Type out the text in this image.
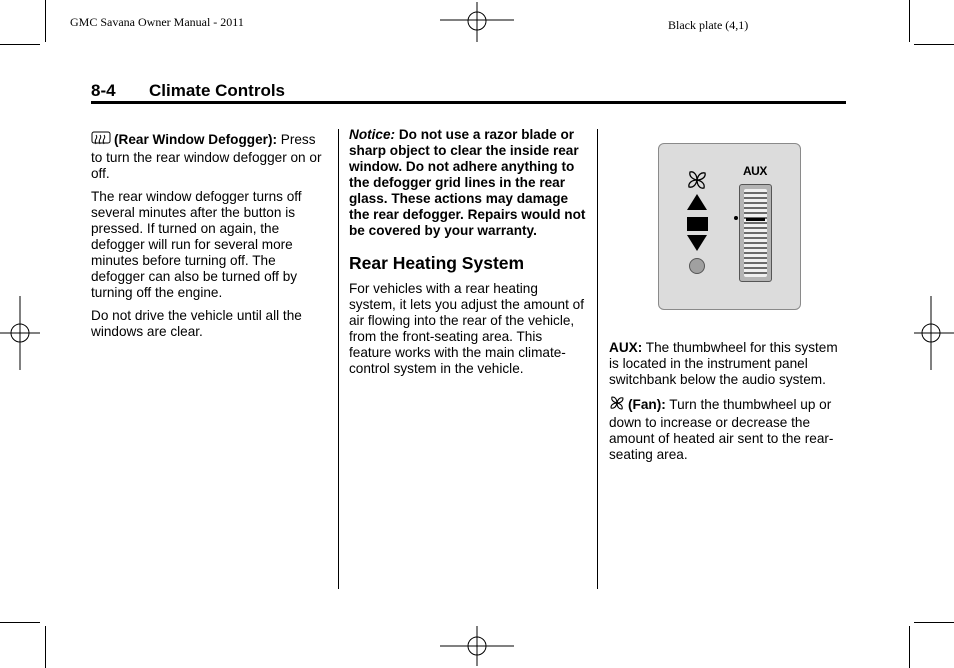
GMC Savana Owner Manual - 2011	Black plate (4,1)
8-4 Climate Controls

(Rear Window Defogger): Press to turn the rear window defogger on or off.

The rear window defogger turns off several minutes after the button is pressed. If turned on again, the defogger will run for several more minutes before turning off. The defogger can also be turned off by turning off the engine.

Do not drive the vehicle until all the windows are clear.

Notice: Do not use a razor blade or sharp object to clear the inside rear window. Do not adhere anything to the defogger grid lines in the rear glass. These actions may damage the rear defogger. Repairs would not be covered by your warranty.

Rear Heating System

For vehicles with a rear heating system, it lets you adjust the amount of air flowing into the rear of the vehicle, from the front-seating area. This feature works with the main climate-control system in the vehicle.

AUX

AUX: The thumbwheel for this system is located in the instrument panel switchbank below the audio system.

(Fan): Turn the thumbwheel up or down to increase or decrease the amount of heated air sent to the rear-seating area.
